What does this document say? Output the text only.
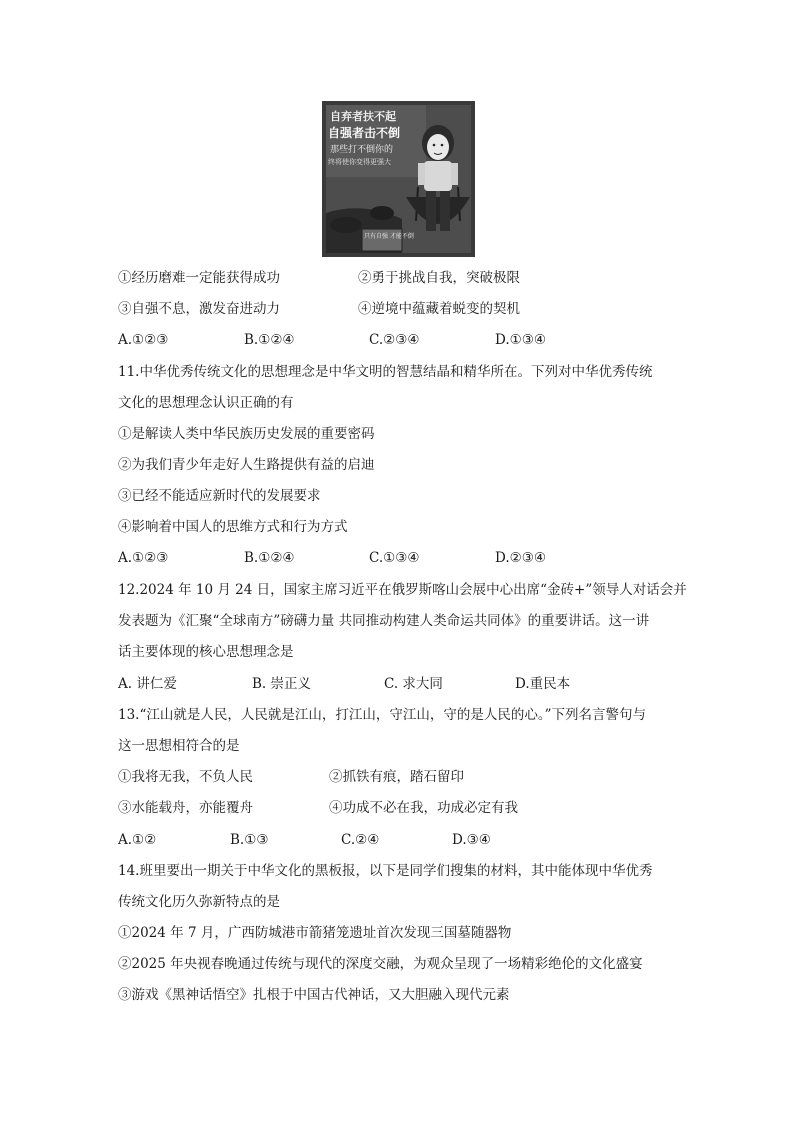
自弃者扶不起
自强者击不倒
那些打不倒你的
终将使你变得更强大
只有自强 才能不倒
①经历磨难一定能获得成功	②勇于挑战自我，突破极限
③自强不息，激发奋进动力	④逆境中蕴藏着蜕变的契机
A.①②③	B.①②④	C.②③④	D.①③④
11.中华优秀传统文化的思想理念是中华文明的智慧结晶和精华所在。下列对中华优秀传统
文化的思想理念认识正确的有
①是解读人类中华民族历史发展的重要密码
②为我们青少年走好人生路提供有益的启迪
③已经不能适应新时代的发展要求
④影响着中国人的思维方式和行为方式
A.①②③	B.①②④	C.①③④	D.②③④
12.2024 年 10 月 24 日，国家主席习近平在俄罗斯喀山会展中心出席“金砖+”领导人对话会并
发表题为《汇聚“全球南方”磅礴力量 共同推动构建人类命运共同体》的重要讲话。这一讲
话主要体现的核心思想理念是
A. 讲仁爱	B. 崇正义	C. 求大同	D.重民本
13.“江山就是人民，人民就是江山，打江山，守江山，守的是人民的心。”下列名言警句与
这一思想相符合的是
①我将无我，不负人民	②抓铁有痕，踏石留印
③水能载舟，亦能覆舟	④功成不必在我，功成必定有我
A.①②	B.①③	C.②④	D.③④
14.班里要出一期关于中华文化的黑板报，以下是同学们搜集的材料，其中能体现中华优秀
传统文化历久弥新特点的是
①2024 年 7 月，广西防城港市箭猪笼遗址首次发现三国墓随器物
②2025 年央视春晚通过传统与现代的深度交融，为观众呈现了一场精彩绝伦的文化盛宴
③游戏《黑神话悟空》扎根于中国古代神话，又大胆融入现代元素
